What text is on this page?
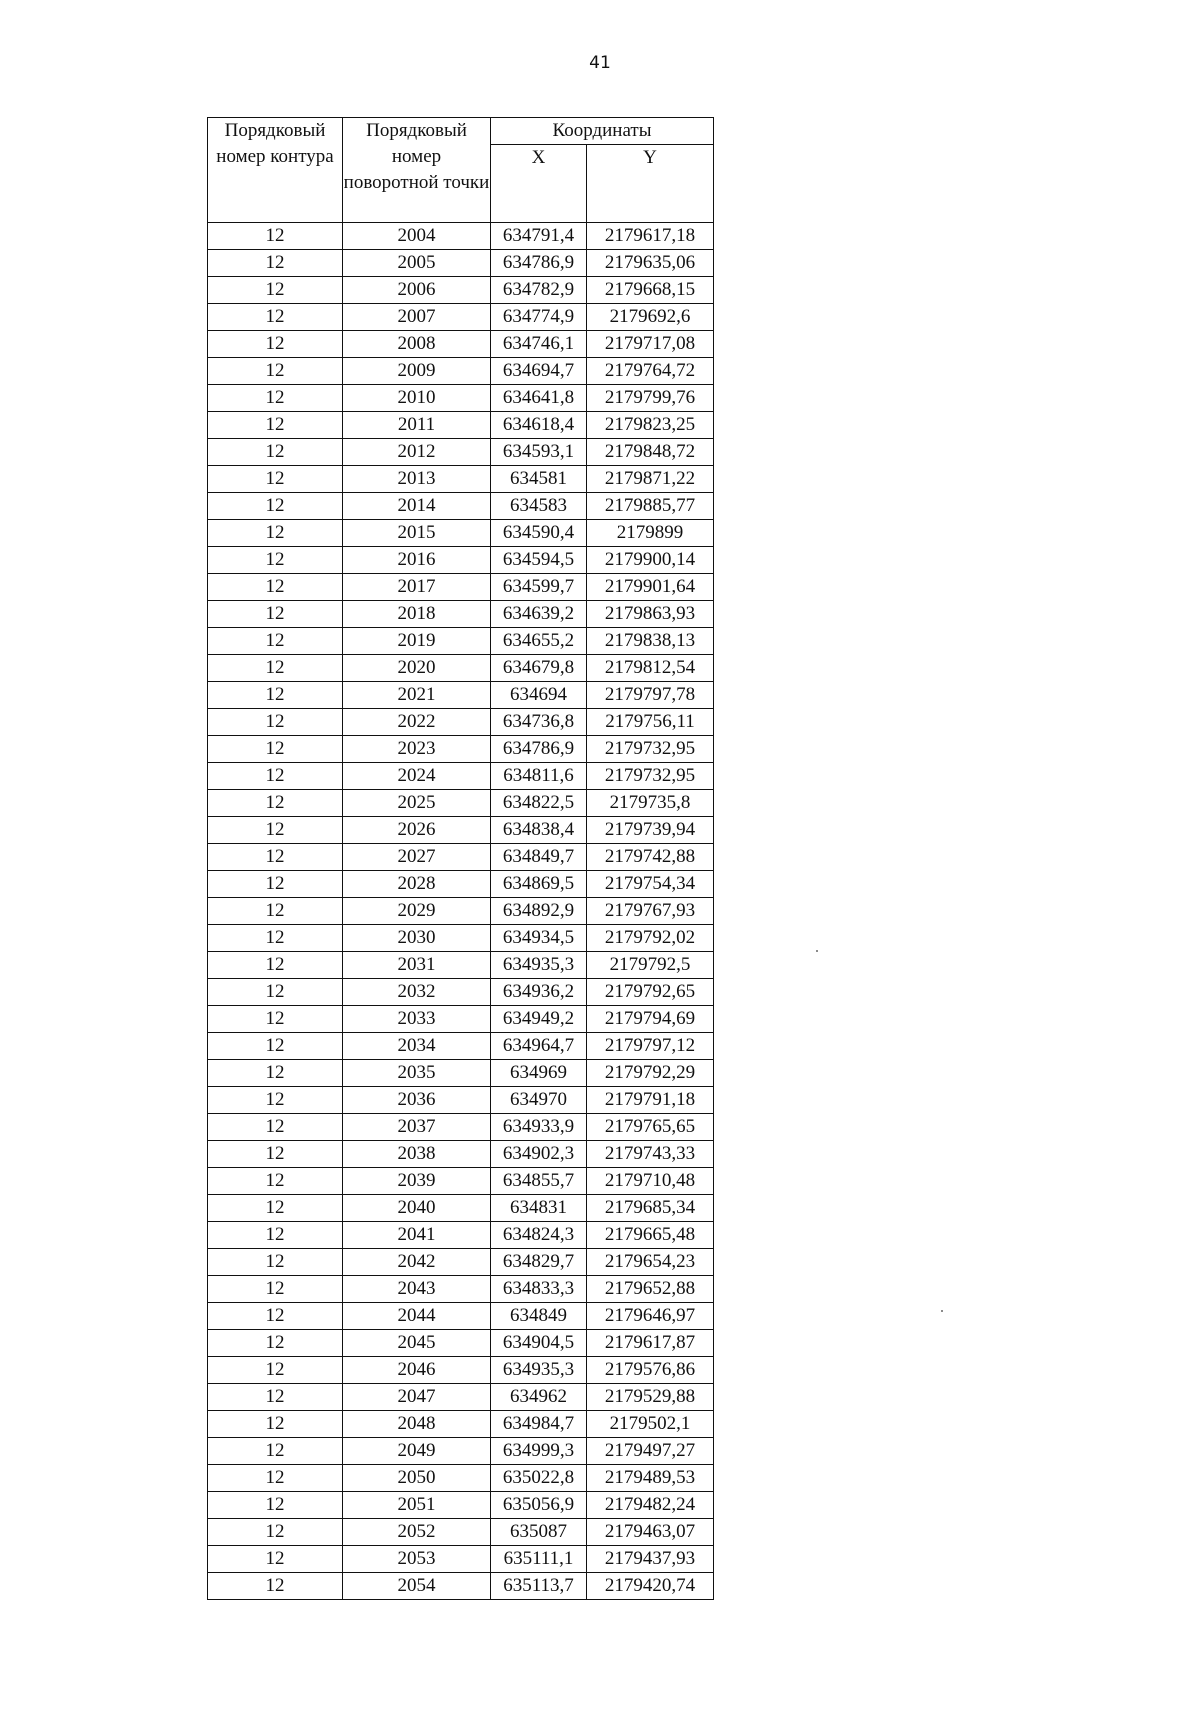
41
Порядковый номер контура	Порядковый номер поворотной точки	Координаты	
		X	Y
12	2004	634791,4	2179617,18
12	2005	634786,9	2179635,06
12	2006	634782,9	2179668,15
12	2007	634774,9	2179692,6
12	2008	634746,1	2179717,08
12	2009	634694,7	2179764,72
12	2010	634641,8	2179799,76
12	2011	634618,4	2179823,25
12	2012	634593,1	2179848,72
12	2013	634581	2179871,22
12	2014	634583	2179885,77
12	2015	634590,4	2179899
12	2016	634594,5	2179900,14
12	2017	634599,7	2179901,64
12	2018	634639,2	2179863,93
12	2019	634655,2	2179838,13
12	2020	634679,8	2179812,54
12	2021	634694	2179797,78
12	2022	634736,8	2179756,11
12	2023	634786,9	2179732,95
12	2024	634811,6	2179732,95
12	2025	634822,5	2179735,8
12	2026	634838,4	2179739,94
12	2027	634849,7	2179742,88
12	2028	634869,5	2179754,34
12	2029	634892,9	2179767,93
12	2030	634934,5	2179792,02
12	2031	634935,3	2179792,5
12	2032	634936,2	2179792,65
12	2033	634949,2	2179794,69
12	2034	634964,7	2179797,12
12	2035	634969	2179792,29
12	2036	634970	2179791,18
12	2037	634933,9	2179765,65
12	2038	634902,3	2179743,33
12	2039	634855,7	2179710,48
12	2040	634831	2179685,34
12	2041	634824,3	2179665,48
12	2042	634829,7	2179654,23
12	2043	634833,3	2179652,88
12	2044	634849	2179646,97
12	2045	634904,5	2179617,87
12	2046	634935,3	2179576,86
12	2047	634962	2179529,88
12	2048	634984,7	2179502,1
12	2049	634999,3	2179497,27
12	2050	635022,8	2179489,53
12	2051	635056,9	2179482,24
12	2052	635087	2179463,07
12	2053	635111,1	2179437,93
12	2054	635113,7	2179420,74
